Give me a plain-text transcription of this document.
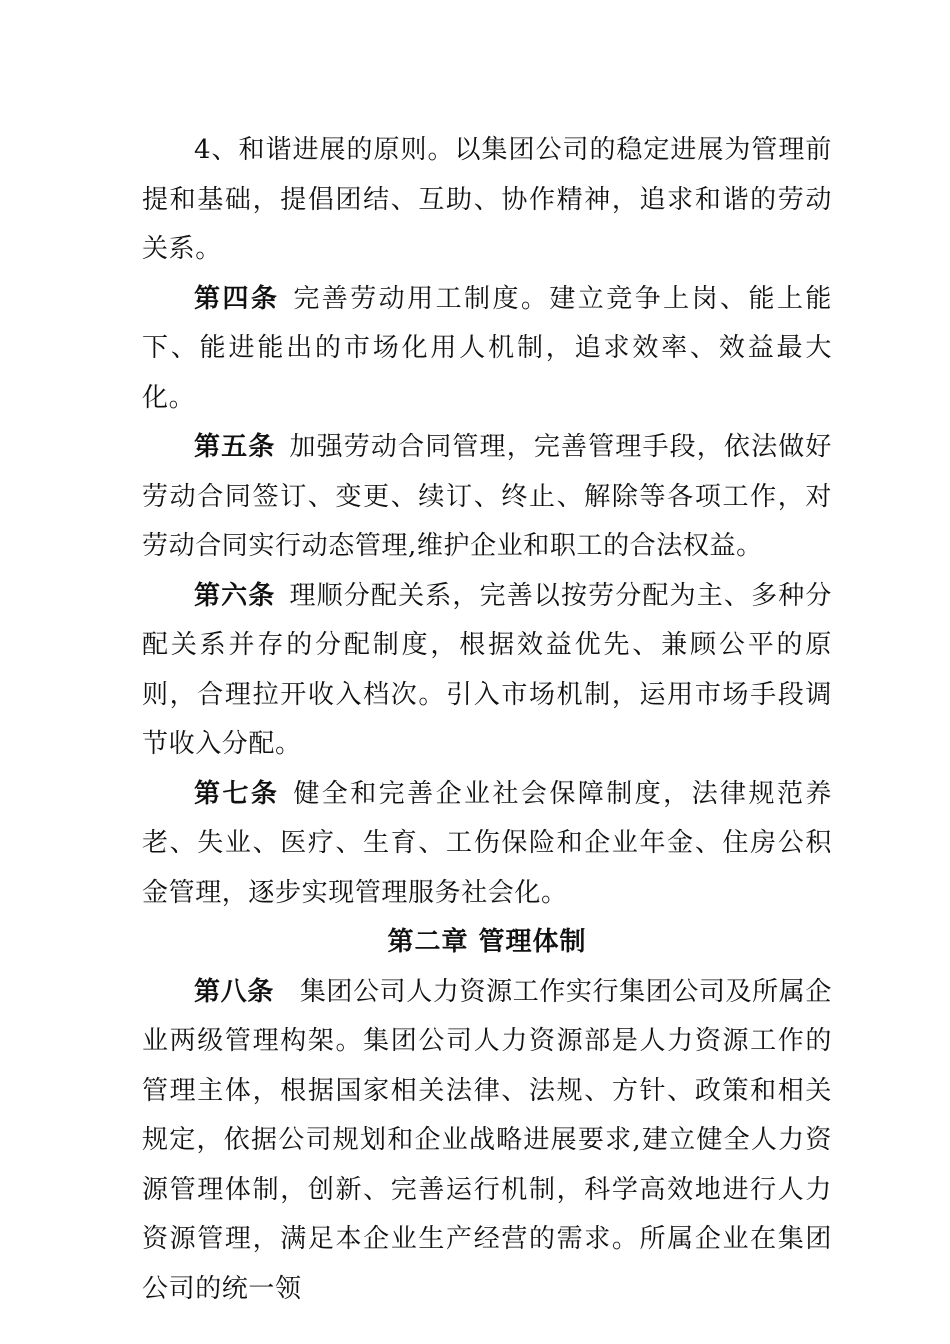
4、和谐进展的原则。以集团公司的稳定进展为管理前提和基础，提倡团结、互助、协作精神，追求和谐的劳动关系。

第四条 完善劳动用工制度。建立竞争上岗、能上能下、能进能出的市场化用人机制，追求效率、效益最大化。

第五条 加强劳动合同管理，完善管理手段，依法做好劳动合同签订、变更、续订、终止、解除等各项工作，对劳动合同实行动态管理,维护企业和职工的合法权益。

第六条 理顺分配关系，完善以按劳分配为主、多种分配关系并存的分配制度，根据效益优先、兼顾公平的原则，合理拉开收入档次。引入市场机制，运用市场手段调节收入分配。

第七条 健全和完善企业社会保障制度，法律规范养老、失业、医疗、生育、工伤保险和企业年金、住房公积金管理，逐步实现管理服务社会化。

第二章 管理体制

第八条 集团公司人力资源工作实行集团公司及所属企业两级管理构架。集团公司人力资源部是人力资源工作的管理主体，根据国家相关法律、法规、方针、政策和相关规定，依据公司规划和企业战略进展要求,建立健全人力资源管理体制，创新、完善运行机制，科学高效地进行人力资源管理，满足本企业生产经营的需求。所属企业在集团公司的统一领
